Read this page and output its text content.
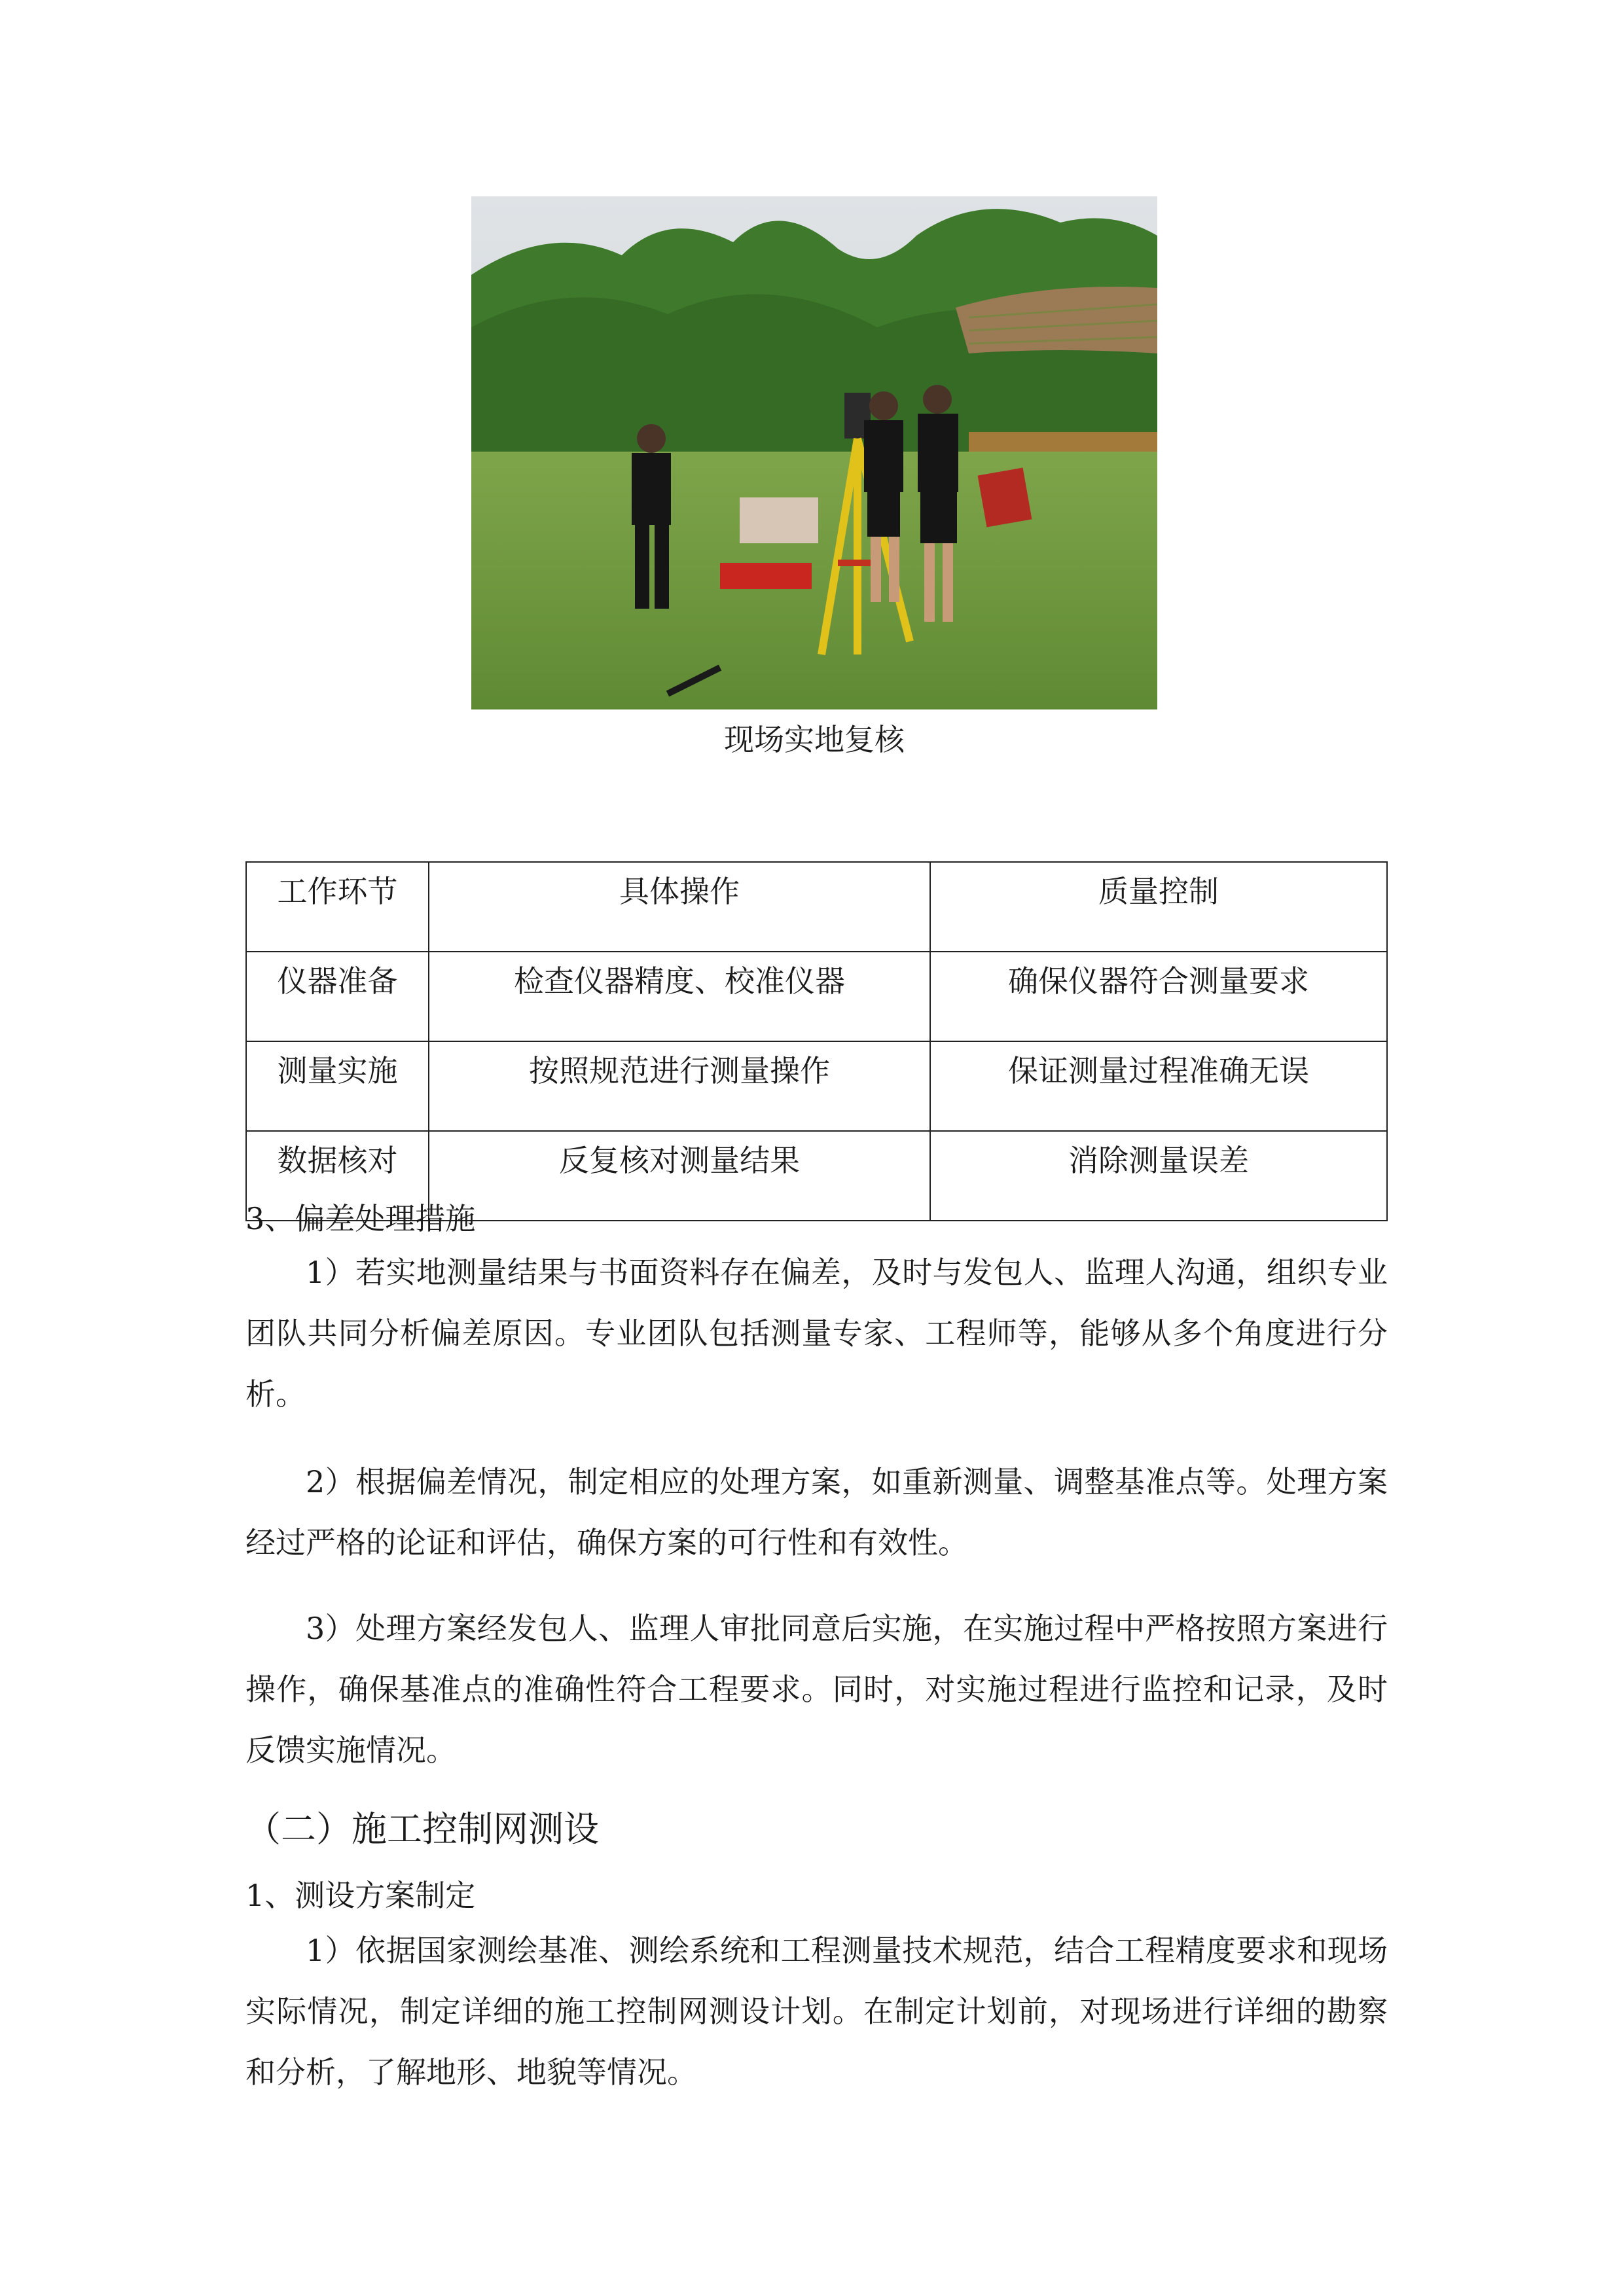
现场实地复核
工作环节	具体操作	质量控制
仪器准备	检查仪器精度、校准仪器	确保仪器符合测量要求
测量实施	按照规范进行测量操作	保证测量过程准确无误
数据核对	反复核对测量结果	消除测量误差
3、偏差处理措施
1）若实地测量结果与书面资料存在偏差，及时与发包人、监理人沟通，组织专业团队共同分析偏差原因。专业团队包括测量专家、工程师等，能够从多个角度进行分析。
2）根据偏差情况，制定相应的处理方案，如重新测量、调整基准点等。处理方案经过严格的论证和评估，确保方案的可行性和有效性。
3）处理方案经发包人、监理人审批同意后实施，在实施过程中严格按照方案进行操作，确保基准点的准确性符合工程要求。同时，对实施过程进行监控和记录，及时反馈实施情况。
（二）施工控制网测设
1、测设方案制定
1）依据国家测绘基准、测绘系统和工程测量技术规范，结合工程精度要求和现场实际情况，制定详细的施工控制网测设计划。在制定计划前，对现场进行详细的勘察和分析，了解地形、地貌等情况。
